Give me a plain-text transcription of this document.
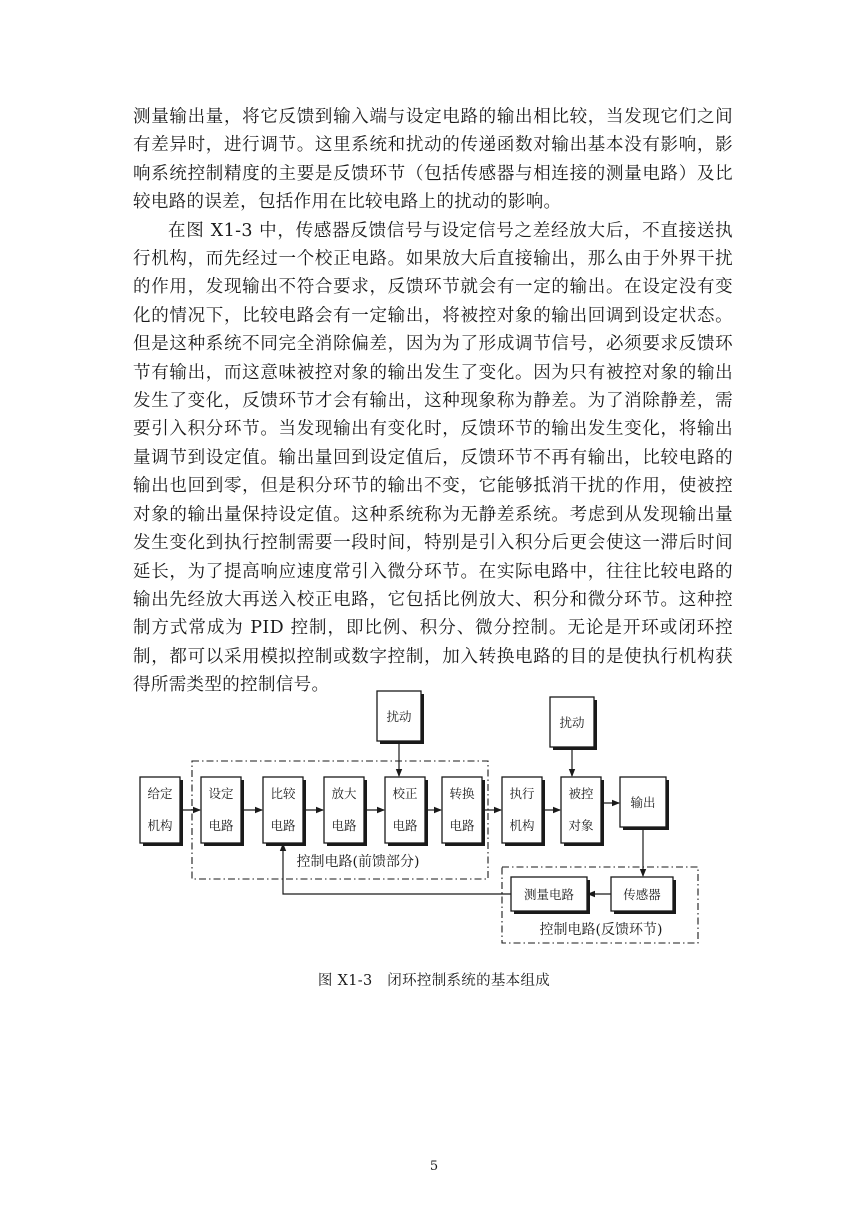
测量输出量，将它反馈到输入端与设定电路的输出相比较，当发现它们之间有差异时，进行调节。这里系统和扰动的传递函数对输出基本没有影响，影响系统控制精度的主要是反馈环节（包括传感器与相连接的测量电路）及比较电路的误差，包括作用在比较电路上的扰动的影响。

在图 X1-3 中，传感器反馈信号与设定信号之差经放大后，不直接送执行机构，而先经过一个校正电路。如果放大后直接输出，那么由于外界干扰的作用，发现输出不符合要求，反馈环节就会有一定的输出。在设定没有变化的情况下，比较电路会有一定输出，将被控对象的输出回调到设定状态。但是这种系统不同完全消除偏差，因为为了形成调节信号，必须要求反馈环节有输出，而这意味被控对象的输出发生了变化。因为只有被控对象的输出发生了变化，反馈环节才会有输出，这种现象称为静差。为了消除静差，需要引入积分环节。当发现输出有变化时，反馈环节的输出发生变化，将输出量调节到设定值。输出量回到设定值后，反馈环节不再有输出，比较电路的输出也回到零，但是积分环节的输出不变，它能够抵消干扰的作用，使被控对象的输出量保持设定值。这种系统称为无静差系统。考虑到从发现输出量发生变化到执行控制需要一段时间，特别是引入积分后更会使这一滞后时间延长，为了提高响应速度常引入微分环节。在实际电路中，往往比较电路的输出先经放大再送入校正电路，它包括比例放大、积分和微分环节。这种控制方式常成为 PID 控制，即比例、积分、微分控制。无论是开环或闭环控制，都可以采用模拟控制或数字控制，加入转换电路的目的是使执行机构获得所需类型的控制信号。

给定
机构
设定
电路
比较
电路
放大
电路
校正
电路
转换
电路
执行
机构
被控
对象
输出
扰动	扰动
传感器
测量电路
控制电路(前馈部分)
控制电路(反馈环节)
图 X1-3　闭环控制系统的基本组成
5
